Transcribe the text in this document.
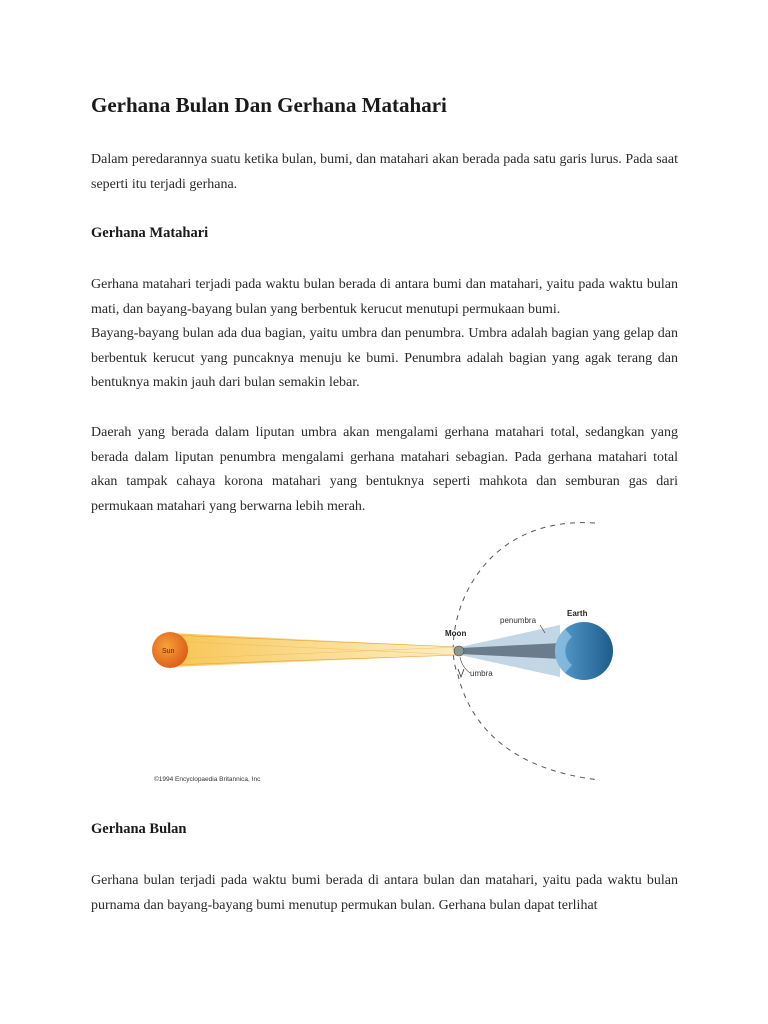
Gerhana Bulan Dan Gerhana Matahari

Dalam peredarannya suatu ketika bulan, bumi, dan matahari akan berada pada satu garis lurus. Pada saat seperti itu terjadi gerhana.

Gerhana Matahari

Gerhana matahari terjadi pada waktu bulan berada di antara bumi dan matahari, yaitu pada waktu bulan mati, dan bayang-bayang bulan yang berbentuk kerucut menutupi permukaan bumi.

Bayang-bayang bulan ada dua bagian, yaitu umbra dan penumbra. Umbra adalah bagian yang gelap dan berbentuk kerucut yang puncaknya menuju ke bumi. Penumbra adalah bagian yang agak terang dan bentuknya makin jauh dari bulan semakin lebar.

Daerah yang berada dalam liputan umbra akan mengalami gerhana matahari total, sedangkan yang berada dalam liputan penumbra mengalami gerhana matahari sebagian. Pada gerhana matahari total akan tampak cahaya korona matahari yang bentuknya seperti mahkota dan semburan gas dari permukaan matahari yang berwarna lebih merah.

Gerhana Bulan

Gerhana bulan terjadi pada waktu bumi berada di antara bulan dan matahari, yaitu pada waktu bulan purnama dan bayang-bayang bumi menutup permukan bulan. Gerhana bulan dapat terlihat

Sun
Moon
Earth
penumbra
umbra
©1994 Encyclopaedia Britannica, Inc
